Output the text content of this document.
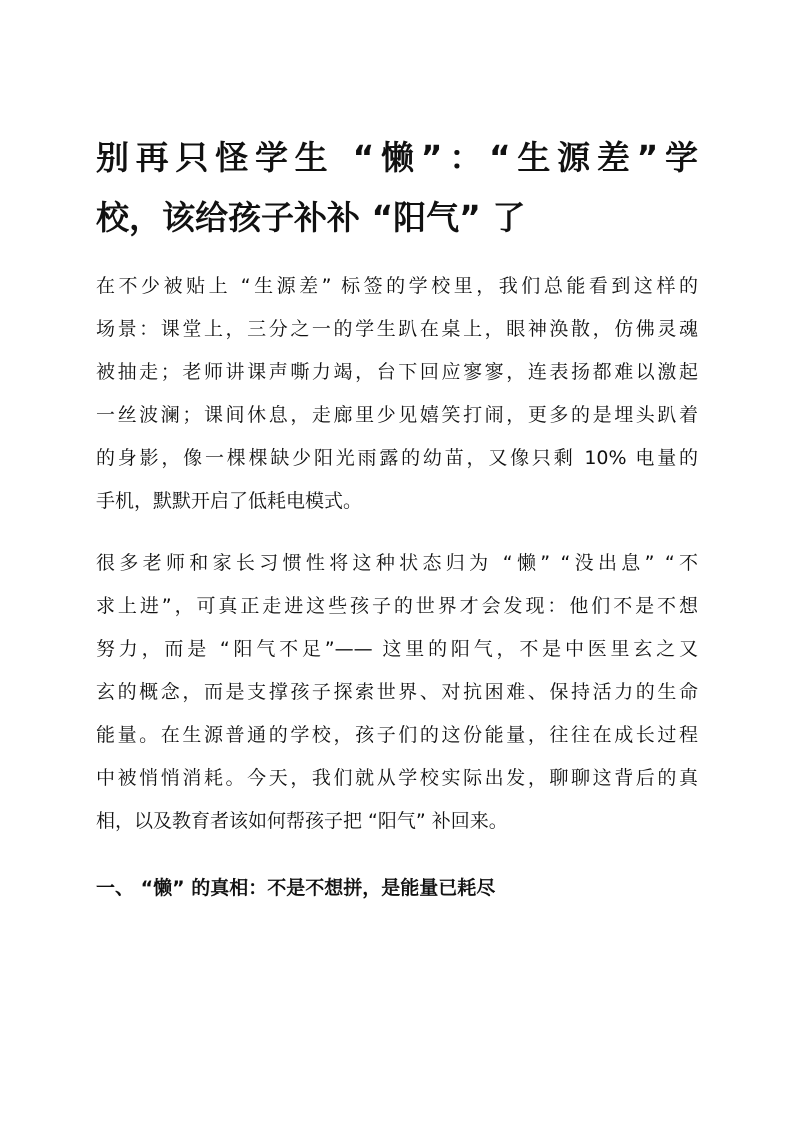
别再只怪学生 “懒”：“生源差”学
校，该给孩子补补 “阳气” 了
在不少被贴上 “生源差” 标签的学校里，我们总能看到这样的
场景：课堂上，三分之一的学生趴在桌上，眼神涣散，仿佛灵魂
被抽走；老师讲课声嘶力竭，台下回应寥寥，连表扬都难以激起
一丝波澜；课间休息，走廊里少见嬉笑打闹，更多的是埋头趴着
的身影，像一棵棵缺少阳光雨露的幼苗，又像只剩 10% 电量的
手机，默默开启了低耗电模式。
很多老师和家长习惯性将这种状态归为 “懒” “没出息” “不
求上进”，可真正走进这些孩子的世界才会发现：他们不是不想
努力，而是 “阳气不足”—— 这里的阳气，不是中医里玄之又
玄的概念，而是支撑孩子探索世界、对抗困难、保持活力的生命
能量。在生源普通的学校，孩子们的这份能量，往往在成长过程
中被悄悄消耗。今天，我们就从学校实际出发，聊聊这背后的真
相，以及教育者该如何帮孩子把 “阳气” 补回来。
一、 “懒” 的真相：不是不想拼，是能量已耗尽
